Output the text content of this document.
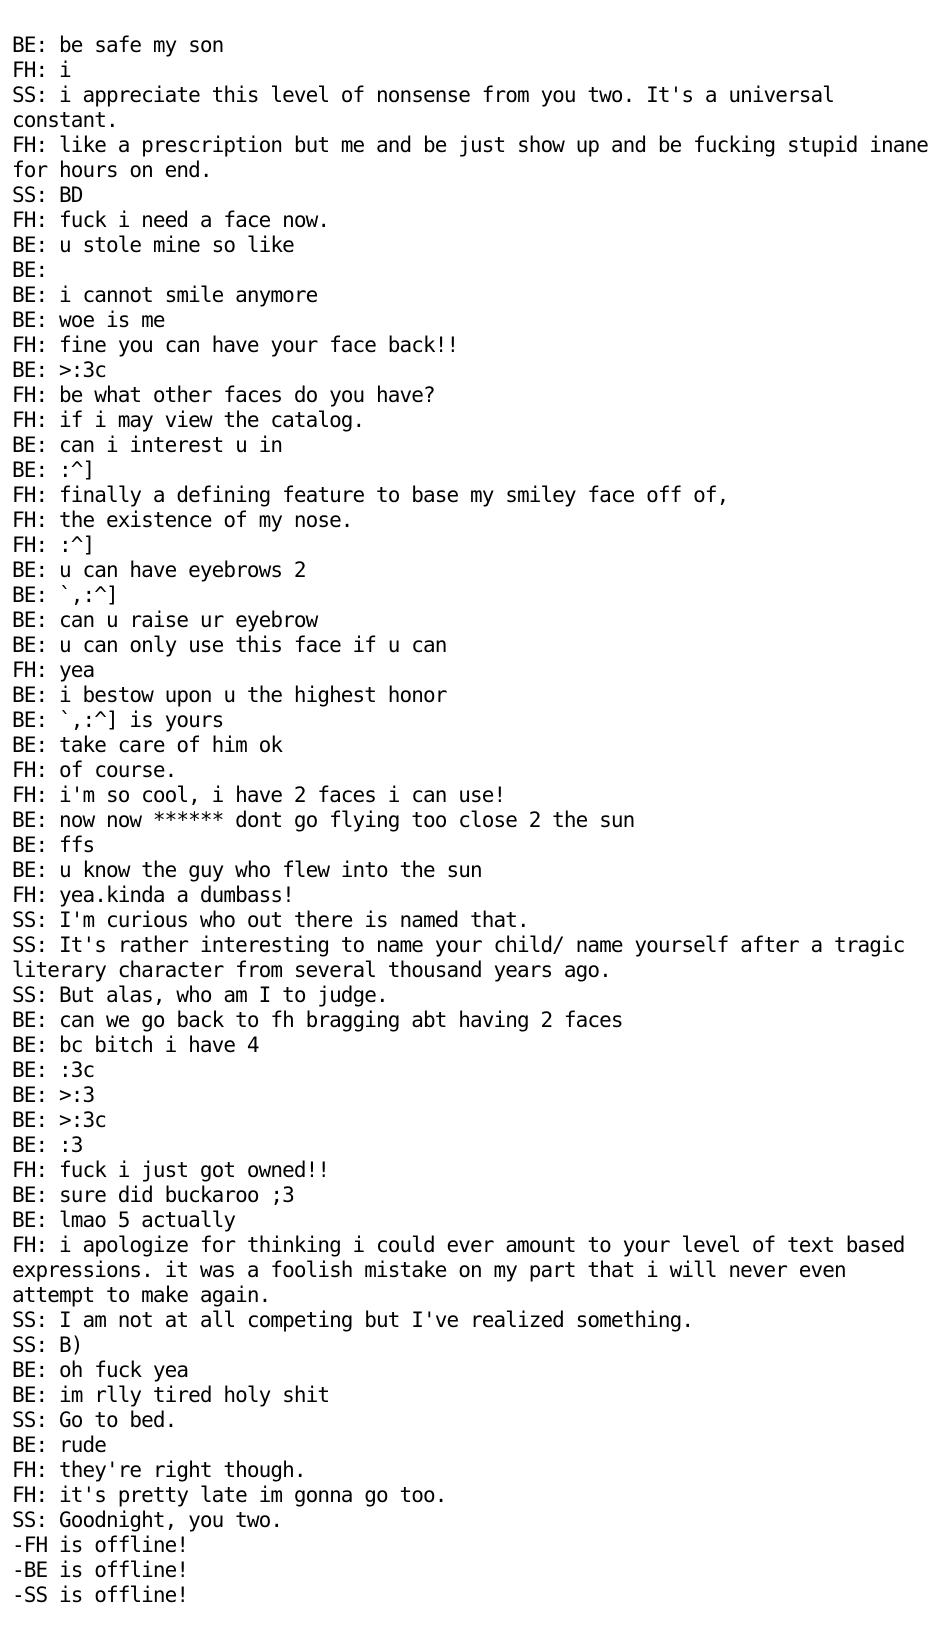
BE: be safe my son
FH: i
SS: i appreciate this level of nonsense from you two. It's a universal constant.
FH: like a prescription but me and be just show up and be fucking stupid inane for hours on end.
SS: BD
FH: fuck i need a face now.
BE: u stole mine so like
BE:
BE: i cannot smile anymore
BE: woe is me
FH: fine you can have your face back!!
BE: >:3c
FH: be what other faces do you have?
FH: if i may view the catalog.
BE: can i interest u in
BE: :^]
FH: finally a defining feature to base my smiley face off of,
FH: the existence of my nose.
FH: :^]
BE: u can have eyebrows 2
BE: `,:^]
BE: can u raise ur eyebrow
BE: u can only use this face if u can
FH: yea
BE: i bestow upon u the highest honor
BE: `,:^] is yours
BE: take care of him ok
FH: of course.
FH: i'm so cool, i have 2 faces i can use!
BE: now now ****** dont go flying too close 2 the sun
BE: ffs
BE: u know the guy who flew into the sun
FH: yea.kinda a dumbass!
SS: I'm curious who out there is named that.
SS: It's rather interesting to name your child/ name yourself after a tragic literary character from several thousand years ago.
SS: But alas, who am I to judge.
BE: can we go back to fh bragging abt having 2 faces
BE: bc bitch i have 4
BE: :3c
BE: >:3
BE: >:3c
BE: :3
FH: fuck i just got owned!!
BE: sure did buckaroo ;3
BE: lmao 5 actually
FH: i apologize for thinking i could ever amount to your level of text based expressions. it was a foolish mistake on my part that i will never even attempt to make again.
SS: I am not at all competing but I've realized something.
SS: B)
BE: oh fuck yea
BE: im rlly tired holy shit
SS: Go to bed.
BE: rude
FH: they're right though.
FH: it's pretty late im gonna go too.
SS: Goodnight, you two.
-FH is offline!
-BE is offline!
-SS is offline!
